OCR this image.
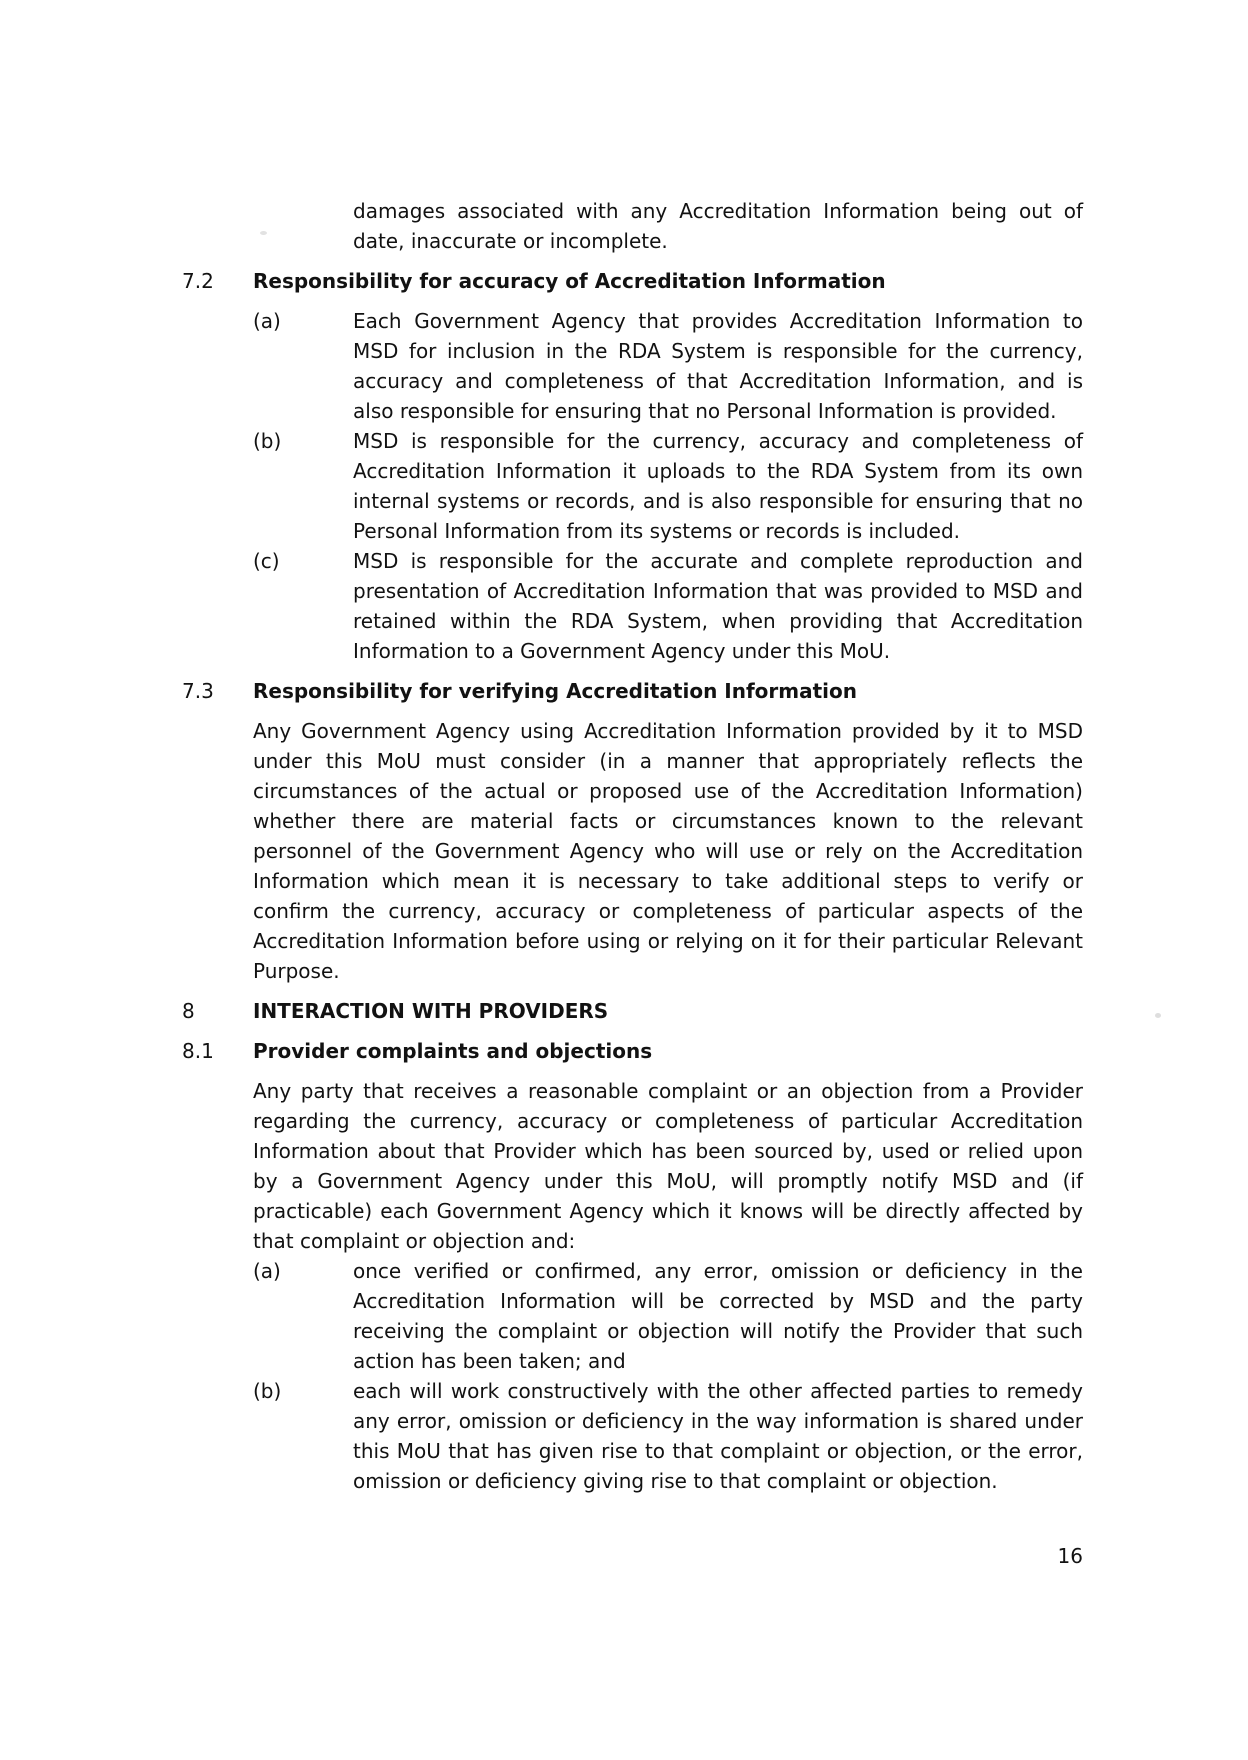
damages associated with any Accreditation Information being out of date, inaccurate or incomplete.
7.2	Responsibility for accuracy of Accreditation Information
(a)	Each Government Agency that provides Accreditation Information to MSD for inclusion in the RDA System is responsible for the currency, accuracy and completeness of that Accreditation Information, and is also responsible for ensuring that no Personal Information is provided.
(b)	MSD is responsible for the currency, accuracy and completeness of Accreditation Information it uploads to the RDA System from its own internal systems or records, and is also responsible for ensuring that no Personal Information from its systems or records is included.
(c)	MSD is responsible for the accurate and complete reproduction and presentation of Accreditation Information that was provided to MSD and retained within the RDA System, when providing that Accreditation Information to a Government Agency under this MoU.
7.3	Responsibility for verifying Accreditation Information
Any Government Agency using Accreditation Information provided by it to MSD under this MoU must consider (in a manner that appropriately reflects the circumstances of the actual or proposed use of the Accreditation Information) whether there are material facts or circumstances known to the relevant personnel of the Government Agency who will use or rely on the Accreditation Information which mean it is necessary to take additional steps to verify or confirm the currency, accuracy or completeness of particular aspects of the Accreditation Information before using or relying on it for their particular Relevant Purpose.
8	INTERACTION WITH PROVIDERS
8.1	Provider complaints and objections
Any party that receives a reasonable complaint or an objection from a Provider regarding the currency, accuracy or completeness of particular Accreditation Information about that Provider which has been sourced by, used or relied upon by a Government Agency under this MoU, will promptly notify MSD and (if practicable) each Government Agency which it knows will be directly affected by that complaint or objection and:
(a)	once verified or confirmed, any error, omission or deficiency in the Accreditation Information will be corrected by MSD and the party receiving the complaint or objection will notify the Provider that such action has been taken; and
(b)	each will work constructively with the other affected parties to remedy any error, omission or deficiency in the way information is shared under this MoU that has given rise to that complaint or objection, or the error, omission or deficiency giving rise to that complaint or objection.
16
